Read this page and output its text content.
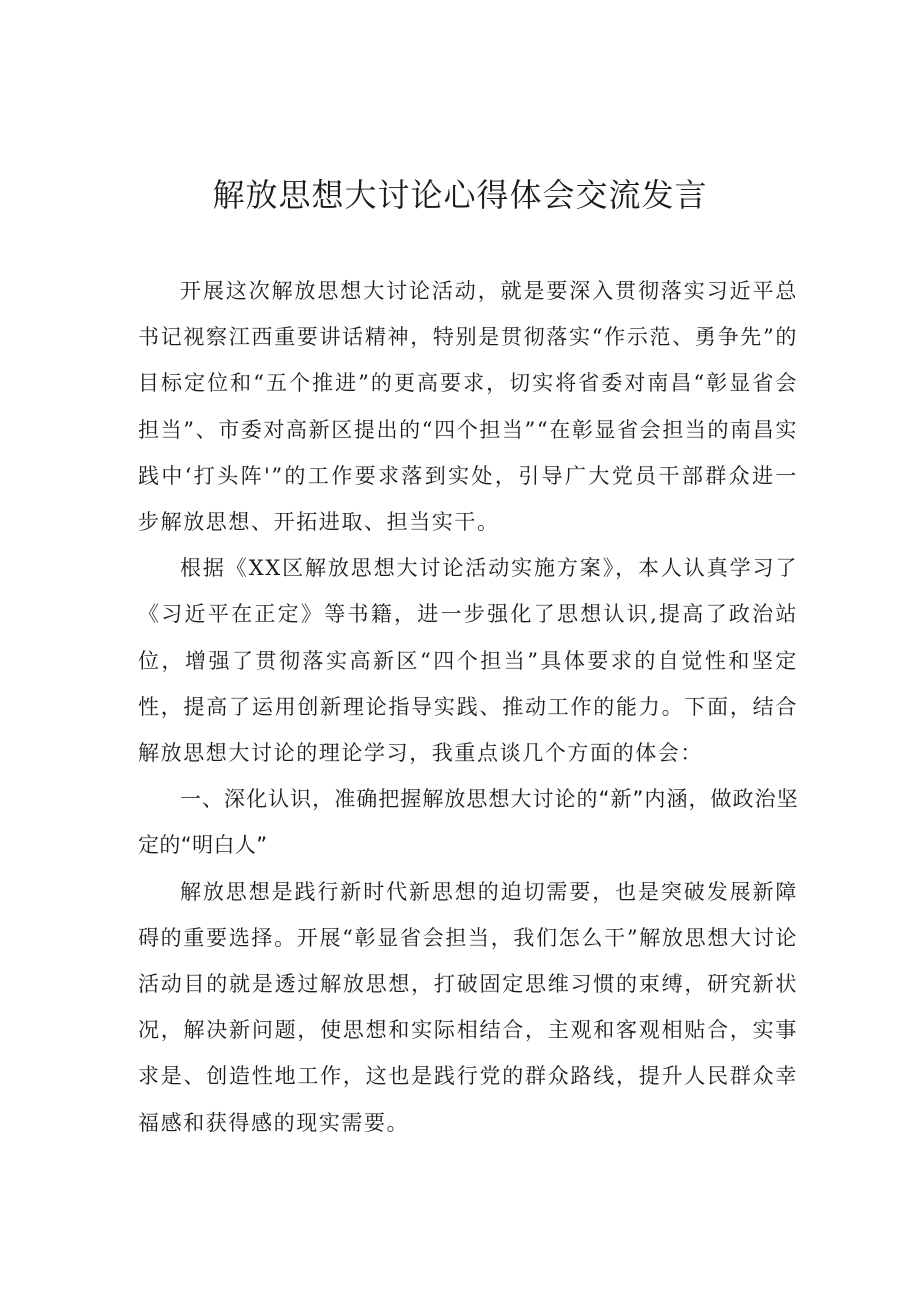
解放思想大讨论心得体会交流发言

开展这次解放思想大讨论活动，就是要深入贯彻落实习近平总书记视察江西重要讲话精神，特别是贯彻落实“作示范、勇争先”的目标定位和“五个推进”的更高要求，切实将省委对南昌“彰显省会担当”、市委对高新区提出的“四个担当”“在彰显省会担当的南昌实践中‘打头阵'”的工作要求落到实处，引导广大党员干部群众进一步解放思想、开拓进取、担当实干。

根据《XX区解放思想大讨论活动实施方案》，本人认真学习了《习近平在正定》等书籍，进一步强化了思想认识,提高了政治站位，增强了贯彻落实高新区“四个担当”具体要求的自觉性和坚定性，提高了运用创新理论指导实践、推动工作的能力。下面，结合解放思想大讨论的理论学习，我重点谈几个方面的体会：

一、深化认识，准确把握解放思想大讨论的“新”内涵，做政治坚定的“明白人”

解放思想是践行新时代新思想的迫切需要，也是突破发展新障碍的重要选择。开展“彰显省会担当，我们怎么干”解放思想大讨论活动目的就是透过解放思想，打破固定思维习惯的束缚，研究新状况，解决新问题，使思想和实际相结合，主观和客观相贴合，实事求是、创造性地工作，这也是践行党的群众路线，提升人民群众幸福感和获得感的现实需要。
